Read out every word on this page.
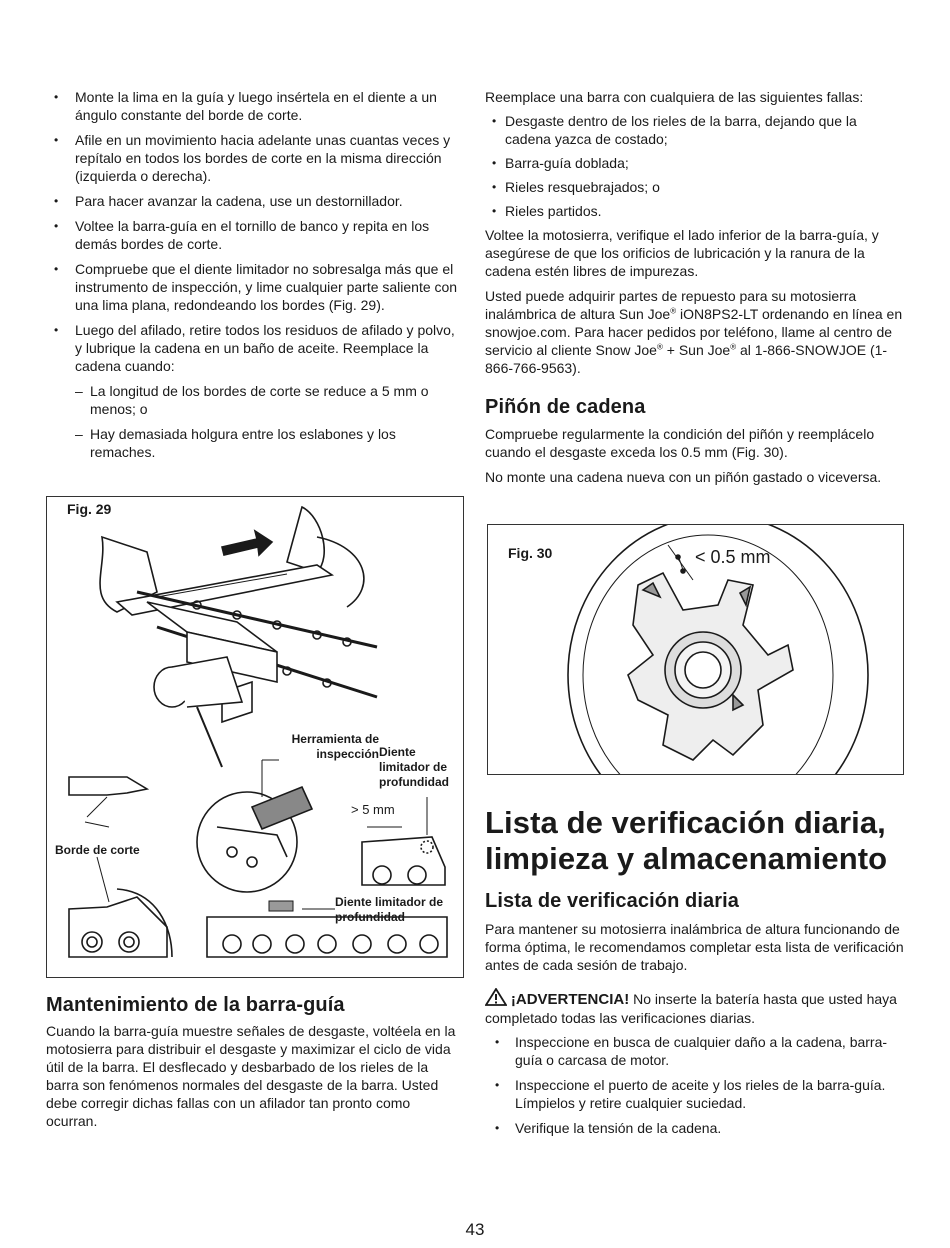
• Monte la lima en la guía y luego insértela en el diente a un ángulo constante del borde de corte.
• Afile en un movimiento hacia adelante unas cuantas veces y repítalo en todos los bordes de corte en la misma dirección (izquierda o derecha).
• Para hacer avanzar la cadena, use un destornillador.
• Voltee la barra-guía en el tornillo de banco y repita en los demás bordes de corte.
• Compruebe que el diente limitador no sobresalga más que el instrumento de inspección, y lime cualquier parte saliente con una lima plana, redondeando los bordes (Fig. 29).
• Luego del afilado, retire todos los residuos de afilado y polvo, y lubrique la cadena en un baño de aceite. Reemplace la cadena cuando:
– La longitud de los bordes de corte se reduce a 5 mm o menos; o
– Hay demasiada holgura entre los eslabones y los remaches.
Fig. 29
Herramienta de inspección Diente limitador de profundidad
> 5 mm
Borde de corte
Diente limitador de profundidad
Mantenimiento de la barra-guía

Cuando la barra-guía muestre señales de desgaste, voltéela en la motosierra para distribuir el desgaste y maximizar el ciclo de vida útil de la barra. El desflecado y desbarbado de los rieles de la barra son fenómenos normales del desgaste de la barra. Usted debe corregir dichas fallas con un afilador tan pronto como ocurran.

Reemplace una barra con cualquiera de las siguientes fallas:

• Desgaste dentro de los rieles de la barra, dejando que la cadena yazca de costado;
• Barra-guía doblada;
• Rieles resquebrajados; o
• Rieles partidos.

Voltee la motosierra, verifique el lado inferior de la barra-guía, y asegúrese de que los orificios de lubricación y la ranura de la cadena estén libres de impurezas.

Usted puede adquirir partes de repuesto para su motosierra inalámbrica de altura Sun Joe® iON8PS2-LT ordenando en línea en snowjoe.com. Para hacer pedidos por teléfono, llame al centro de servicio al cliente Snow Joe® + Sun Joe® al 1-866-SNOWJOE (1-866-766-9563).

Piñón de cadena

Compruebe regularmente la condición del piñón y reemplácelo cuando el desgaste exceda los 0.5 mm (Fig. 30).

No monte una cadena nueva con un piñón gastado o viceversa.

Fig. 30	< 0.5 mm
Lista de verificación diaria, limpieza y almacenamiento
Lista de verificación diaria

Para mantener su motosierra inalámbrica de altura funcionando de forma óptima, le recomendamos completar esta lista de verificación antes de cada sesión de trabajo.

¡ADVERTENCIA! No inserte la batería hasta que usted haya completado todas las verificaciones diarias.

• Inspeccione en busca de cualquier daño a la cadena, barra-guía o carcasa de motor.
• Inspeccione el puerto de aceite y los rieles de la barra-guía. Límpielos y retire cualquier suciedad.
• Verifique la tensión de la cadena.
43
